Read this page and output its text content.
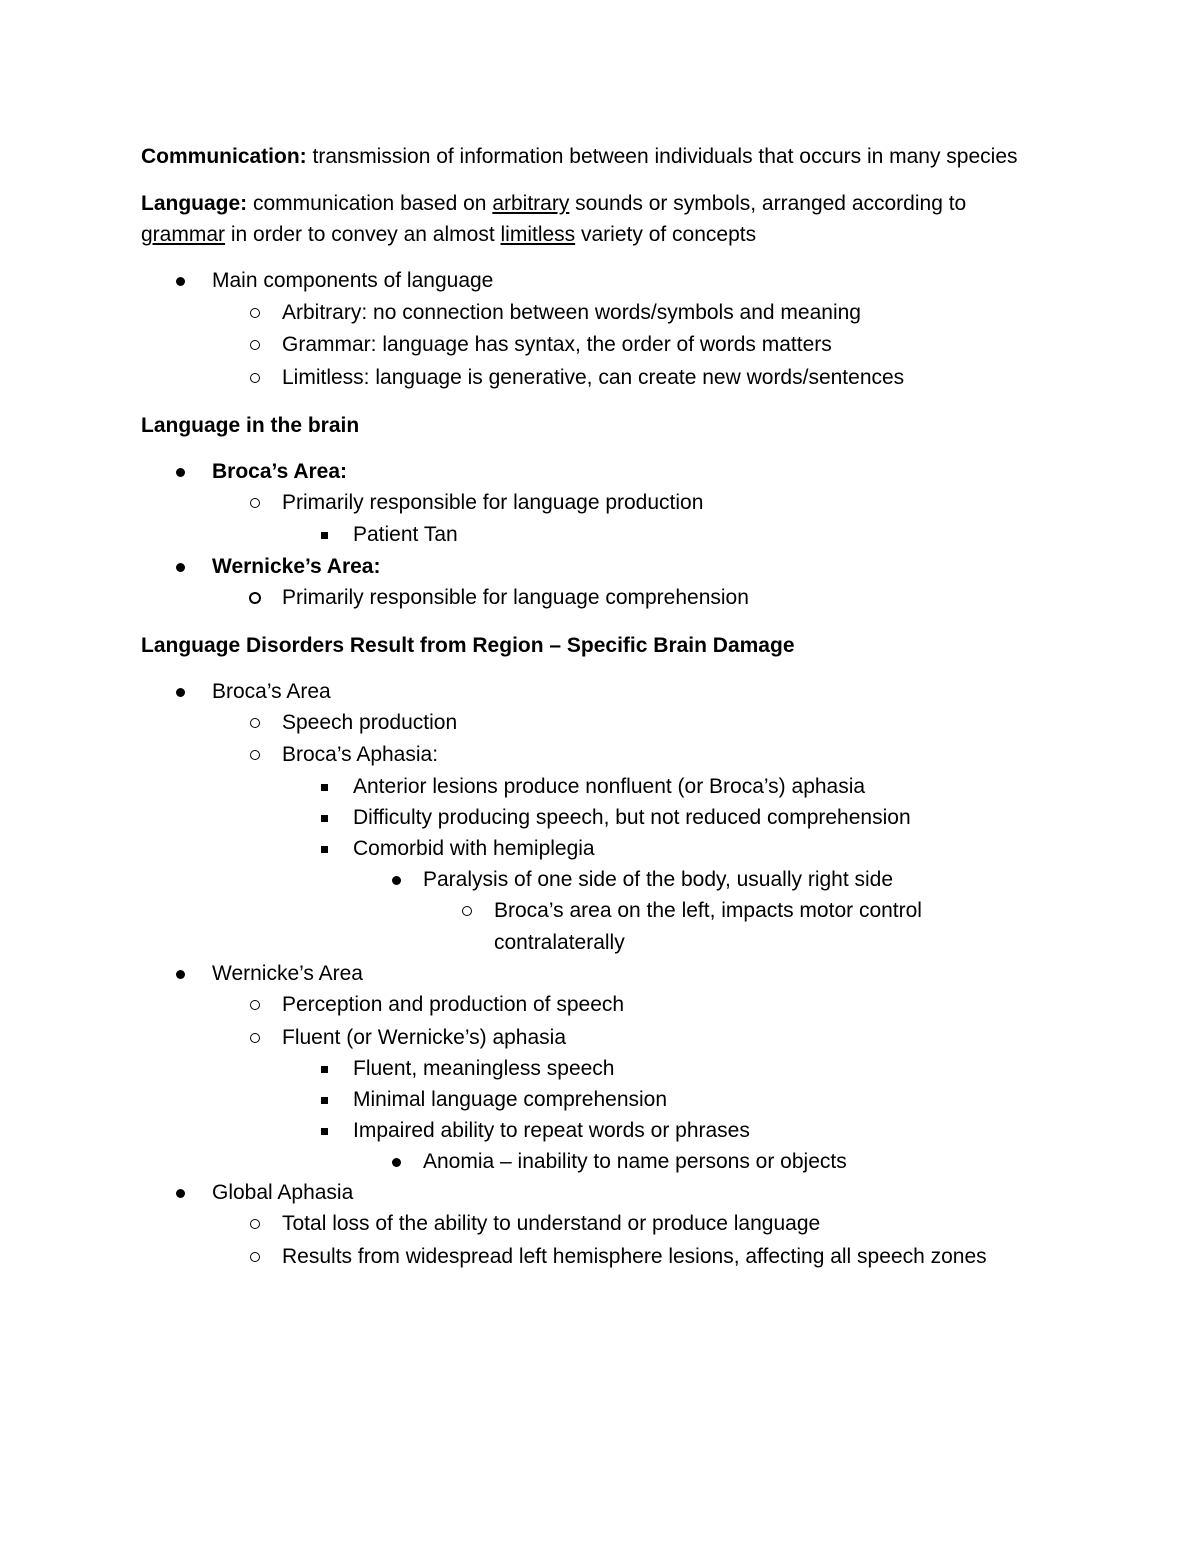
Communication: transmission of information between individuals that occurs in many species
Language: communication based on arbitrary sounds or symbols, arranged according to
grammar in order to convey an almost limitless variety of concepts
Main components of language
Arbitrary: no connection between words/symbols and meaning
Grammar: language has syntax, the order of words matters
Limitless: language is generative, can create new words/sentences
Language in the brain
Broca’s Area:
Primarily responsible for language production
Patient Tan
Wernicke’s Area:
Primarily responsible for language comprehension
Language Disorders Result from Region – Specific Brain Damage
Broca’s Area
Speech production
Broca’s Aphasia:
Anterior lesions produce nonfluent (or Broca’s) aphasia
Difficulty producing speech, but not reduced comprehension
Comorbid with hemiplegia
Paralysis of one side of the body, usually right side
Broca’s area on the left, impacts motor control
contralaterally
Wernicke’s Area
Perception and production of speech
Fluent (or Wernicke’s) aphasia
Fluent, meaningless speech
Minimal language comprehension
Impaired ability to repeat words or phrases
Anomia – inability to name persons or objects
Global Aphasia
Total loss of the ability to understand or produce language
Results from widespread left hemisphere lesions, affecting all speech zones
